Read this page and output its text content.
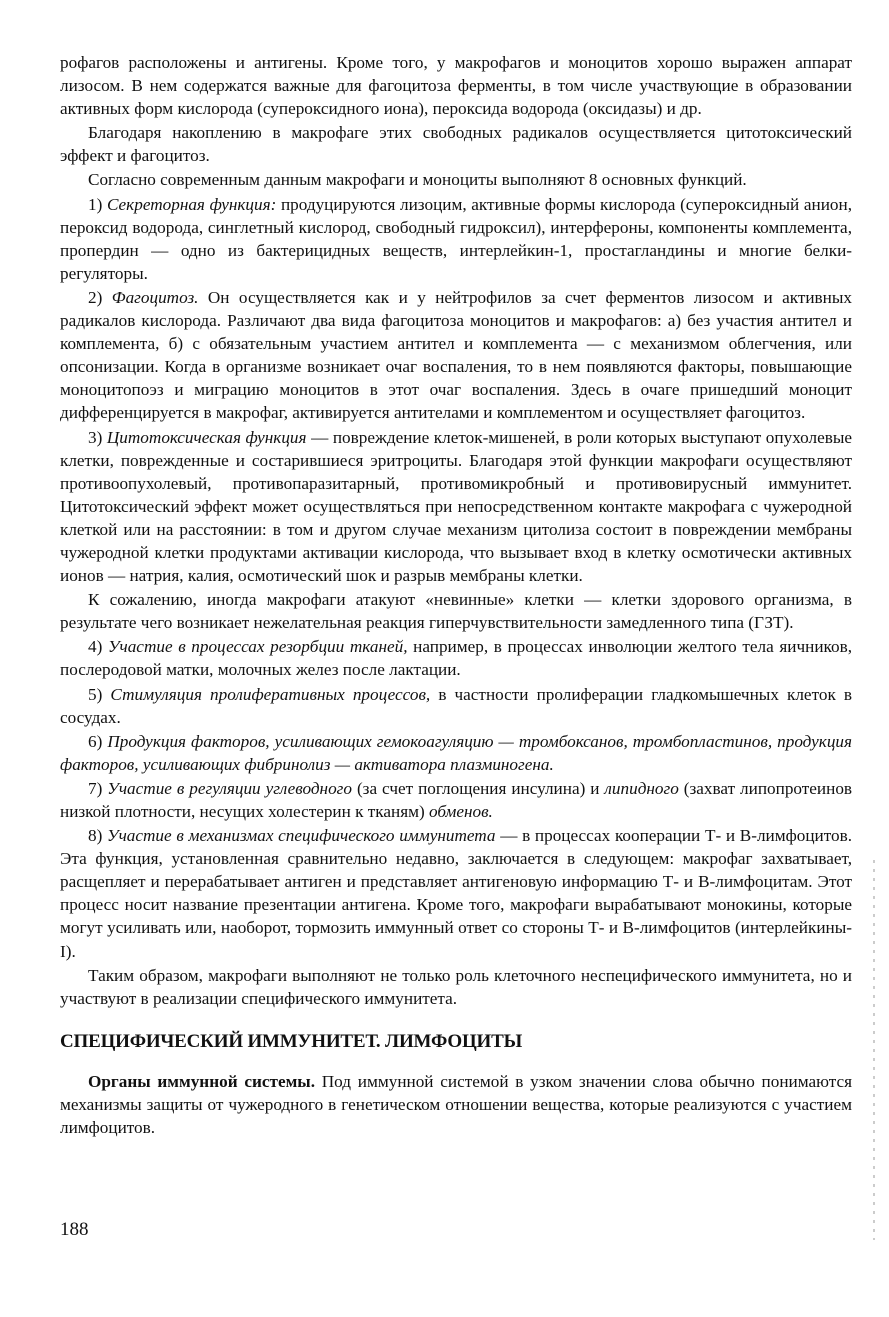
рофагов расположены и антигены. Кроме того, у макрофагов и моноцитов хорошо выражен аппарат лизосом. В нем содержатся важные для фагоцитоза ферменты, в том числе участвующие в образовании активных форм кислорода (супероксидного иона), пероксида водорода (оксидазы) и др.

Благодаря накоплению в макрофаге этих свободных радикалов осуществляется цитотоксический эффект и фагоцитоз.

Согласно современным данным макрофаги и моноциты выполняют 8 основных функций.

1) Секреторная функция: продуцируются лизоцим, активные формы кислорода (супероксидный анион, пероксид водорода, синглетный кислород, свободный гидроксил), интерфероны, компоненты комплемента, пропердин — одно из бактерицидных веществ, интерлейкин-1, простагландины и многие белки-регуляторы.

2) Фагоцитоз. Он осуществляется как и у нейтрофилов за счет ферментов лизосом и активных радикалов кислорода. Различают два вида фагоцитоза моноцитов и макрофагов: а) без участия антител и комплемента, б) с обязательным участием антител и комплемента — с механизмом облегчения, или опсонизации. Когда в организме возникает очаг воспаления, то в нем появляются факторы, повышающие моноцитопоэз и миграцию моноцитов в этот очаг воспаления. Здесь в очаге пришедший моноцит дифференцируется в макрофаг, активируется антителами и комплементом и осуществляет фагоцитоз.

3) Цитотоксическая функция — повреждение клеток-мишеней, в роли которых выступают опухолевые клетки, поврежденные и состарившиеся эритроциты. Благодаря этой функции макрофаги осуществляют противоопухолевый, противопаразитарный, противомикробный и противовирусный иммунитет. Цитотоксический эффект может осуществляться при непосредственном контакте макрофага с чужеродной клеткой или на расстоянии: в том и другом случае механизм цитолиза состоит в повреждении мембраны чужеродной клетки продуктами активации кислорода, что вызывает вход в клетку осмотически активных ионов — натрия, калия, осмотический шок и разрыв мембраны клетки.

К сожалению, иногда макрофаги атакуют «невинные» клетки — клетки здорового организма, в результате чего возникает нежелательная реакция гиперчувствительности замедленного типа (ГЗТ).

4) Участие в процессах резорбции тканей, например, в процессах инволюции желтого тела яичников, послеродовой матки, молочных желез после лактации.

5) Стимуляция пролиферативных процессов, в частности пролиферации гладкомышечных клеток в сосудах.

6) Продукция факторов, усиливающих гемокоагуляцию — тромбоксанов, тромбопластинов, продукция факторов, усиливающих фибринолиз — активатора плазминогена.

7) Участие в регуляции углеводного (за счет поглощения инсулина) и липидного (захват липопротеинов низкой плотности, несущих холестерин к тканям) обменов.

8) Участие в механизмах специфического иммунитета — в процессах кооперации Т- и В-лимфоцитов. Эта функция, установленная сравнительно недавно, заключается в следующем: макрофаг захватывает, расщепляет и перерабатывает антиген и представляет антигеновую информацию Т- и В-лимфоцитам. Этот процесс носит название презентации антигена. Кроме того, макрофаги вырабатывают монокины, которые могут усиливать или, наоборот, тормозить иммунный ответ со стороны Т- и В-лимфоцитов (интерлейкины-I).

Таким образом, макрофаги выполняют не только роль клеточного неспецифического иммунитета, но и участвуют в реализации специфического иммунитета.

СПЕЦИФИЧЕСКИЙ ИММУНИТЕТ. ЛИМФОЦИТЫ

Органы иммунной системы. Под иммунной системой в узком значении слова обычно понимаются механизмы защиты от чужеродного в генетическом отношении вещества, которые реализуются с участием лимфоцитов.

188
